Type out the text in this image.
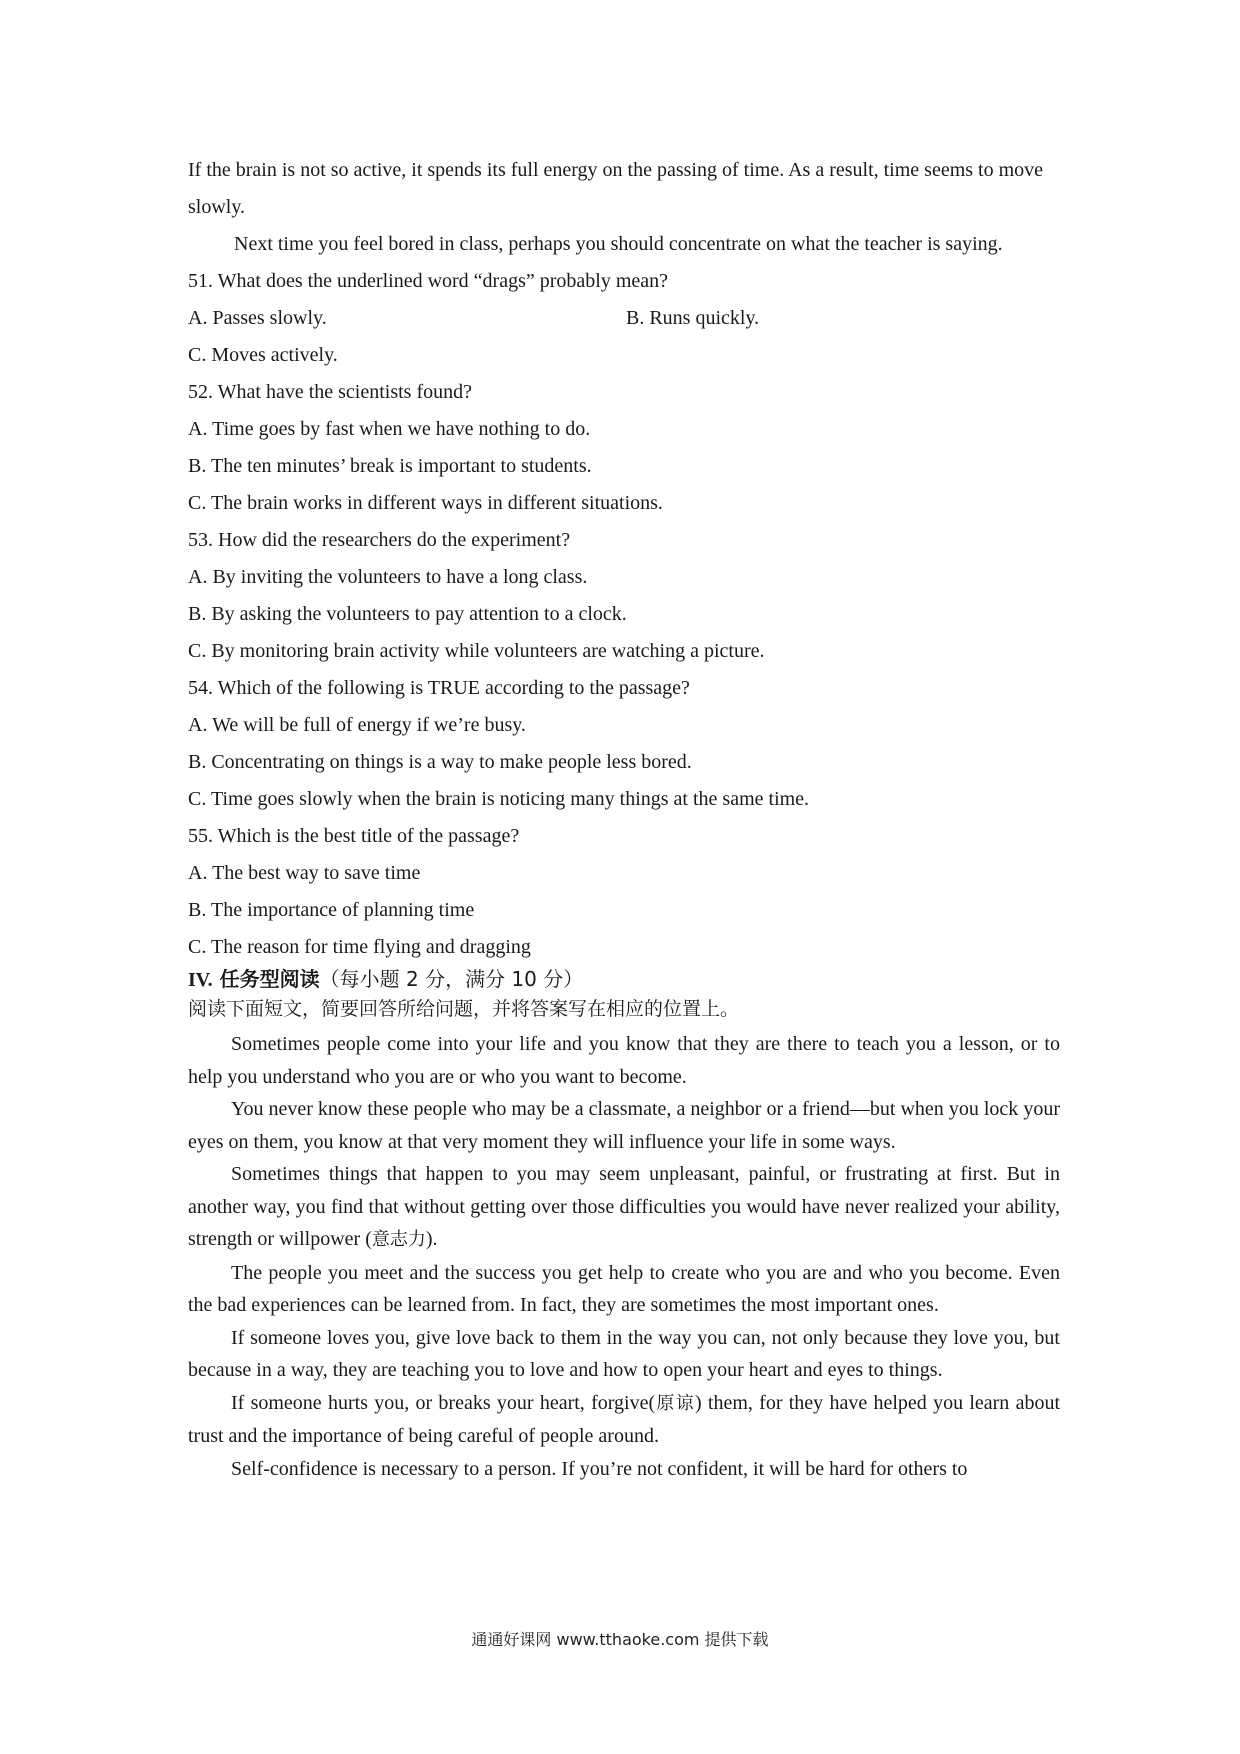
If the brain is not so active, it spends its full energy on the passing of time. As a result, time seems to move slowly.

Next time you feel bored in class, perhaps you should concentrate on what the teacher is saying.

51. What does the underlined word “drags” probably mean?

A. Passes slowly.	B. Runs quickly.

C. Moves actively.

52. What have the scientists found?

A. Time goes by fast when we have nothing to do.

B. The ten minutes’ break is important to students.

C. The brain works in different ways in different situations.

53. How did the researchers do the experiment?

A. By inviting the volunteers to have a long class.

B. By asking the volunteers to pay attention to a clock.

C. By monitoring brain activity while volunteers are watching a picture.

54. Which of the following is TRUE according to the passage?

A. We will be full of energy if we’re busy.

B. Concentrating on things is a way to make people less bored.

C. Time goes slowly when the brain is noticing many things at the same time.

55. Which is the best title of the passage?

A. The best way to save time

B. The importance of planning time

C. The reason for time flying and dragging

IV. 任务型阅读（每小题 2 分，满分 10 分）

阅读下面短文，简要回答所给问题，并将答案写在相应的位置上。

Sometimes people come into your life and you know that they are there to teach you a lesson, or to help you understand who you are or who you want to become.

You never know these people who may be a classmate, a neighbor or a friend—but when you lock your eyes on them, you know at that very moment they will influence your life in some ways.

Sometimes things that happen to you may seem unpleasant, painful, or frustrating at first. But in another way, you find that without getting over those difficulties you would have never realized your ability, strength or willpower (意志力).

The people you meet and the success you get help to create who you are and who you become. Even the bad experiences can be learned from. In fact, they are sometimes the most important ones.

If someone loves you, give love back to them in the way you can, not only because they love you, but because in a way, they are teaching you to love and how to open your heart and eyes to things.

If someone hurts you, or breaks your heart, forgive(原谅) them, for they have helped you learn about trust and the importance of being careful of people around.

Self-confidence is necessary to a person. If you’re not confident, it will be hard for others to

通通好课网 www.tthaoke.com 提供下载
